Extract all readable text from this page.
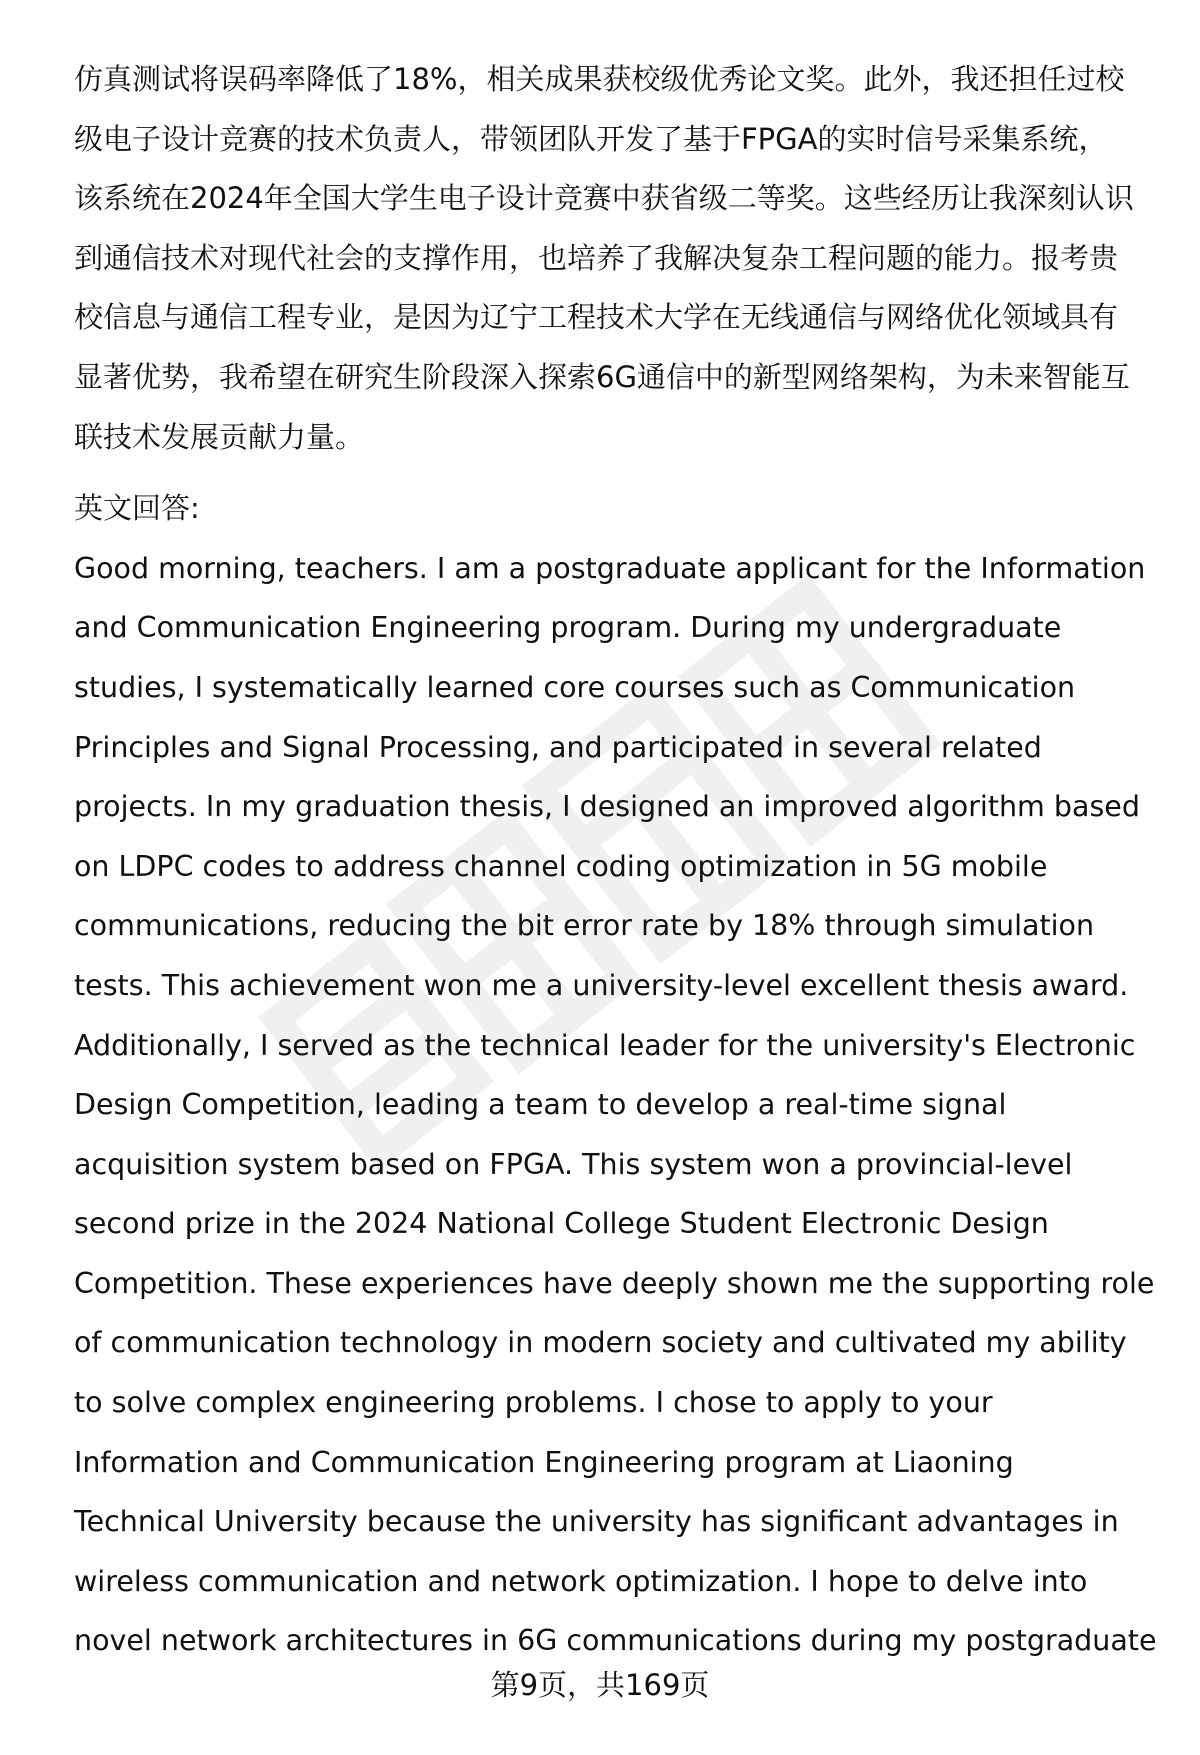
仿真测试将误码率降低了18%，相关成果获校级优秀论文奖。此外，我还担任过校
级电子设计竞赛的技术负责人，带领团队开发了基于FPGA的实时信号采集系统，
该系统在2024年全国大学生电子设计竞赛中获省级二等奖。这些经历让我深刻认识
到通信技术对现代社会的支撑作用，也培养了我解决复杂工程问题的能力。报考贵
校信息与通信工程专业，是因为辽宁工程技术大学在无线通信与网络优化领域具有
显著优势，我希望在研究生阶段深入探索6G通信中的新型网络架构，为未来智能互
联技术发展贡献力量。
英文回答:
Good morning, teachers. I am a postgraduate applicant for the Information
and Communication Engineering program. During my undergraduate
studies, I systematically learned core courses such as Communication
Principles and Signal Processing, and participated in several related
projects. In my graduation thesis, I designed an improved algorithm based
on LDPC codes to address channel coding optimization in 5G mobile
communications, reducing the bit error rate by 18% through simulation
tests. This achievement won me a university-level excellent thesis award.
Additionally, I served as the technical leader for the university's Electronic
Design Competition, leading a team to develop a real-time signal
acquisition system based on FPGA. This system won a provincial-level
second prize in the 2024 National College Student Electronic Design
Competition. These experiences have deeply shown me the supporting role
of communication technology in modern society and cultivated my ability
to solve complex engineering problems. I chose to apply to your
Information and Communication Engineering program at Liaoning
Technical University because the university has significant advantages in
wireless communication and network optimization. I hope to delve into
novel network architectures in 6G communications during my postgraduate
第9页，共169页
